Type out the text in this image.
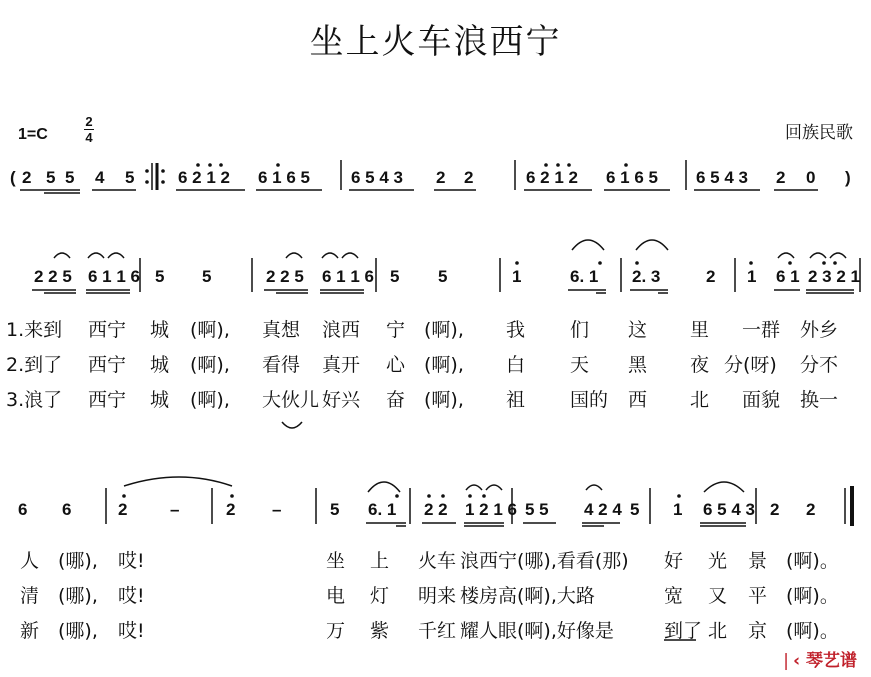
坐上火车浪西宁
1=C
2
4	回族民歌
( 2 5 5 4 5	6 2 1 2 6 1 6 5 6 5 4 3 2 2	6 2 1 2 6 1 6 5 6 5 4 3 2 0 )
2 2 5 6 1 1 6 5 5	2 2 5 6 1 1 6 5 5	1	6. 1 2. 3	2 1 6 1 2 3 2 1
1.来到 西宁 城 (啊), 真想 浪西 宁 (啊), 我 们 这 里 一群 外乡
2.到了 西宁 城 (啊), 看得 真开 心 (啊), 白 天 黑 夜 分(呀) 分不
3.浪了 西宁 城 (啊), 大伙儿 好兴 奋 (啊), 祖 国的 西 北 面貌 换一
6 6	2	–	2 –	5 6. 1 2 2 1 2 1 6 5 5 4 2 4 5 1 6 5 4 3 2 2
人 (哪), 哎!	坐 上 火车 浪西 宁(哪),看看(那) 好 光 景 (啊)。
清 (哪), 哎!	电 灯 明来 楼房 高(啊),大路	宽 又 平 (啊)。
新 (哪), 哎!	万 紫 千红 耀人 眼(啊),好像是	到了 北 京 (啊)。
❘‹ 琴艺谱
